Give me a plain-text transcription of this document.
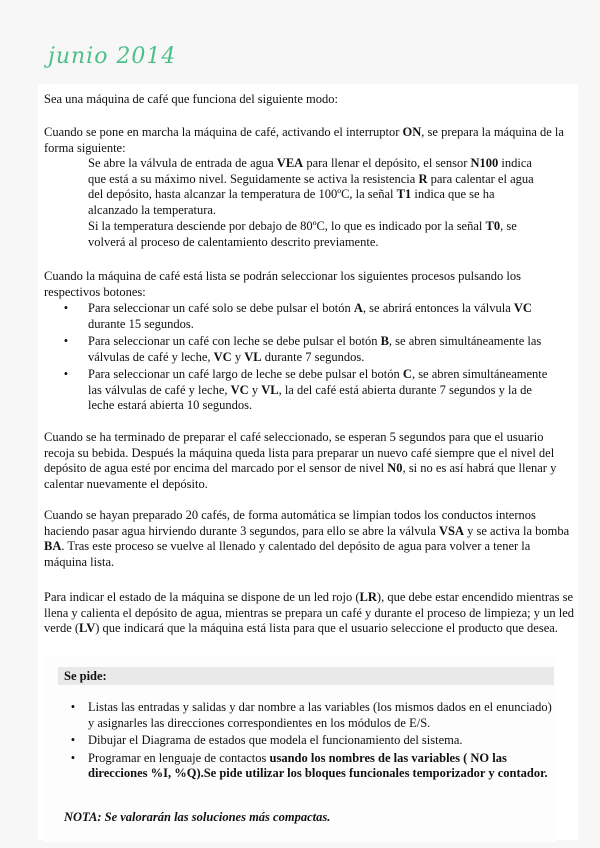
junio 2014
Sea una máquina de café que funciona del siguiente modo:
Cuando se pone en marcha la máquina de café, activando el interruptor ON, se prepara la máquina de la forma siguiente:
Se abre la válvula de entrada de agua VEA para llenar el depósito, el sensor N100 indica que está a su máximo nivel. Seguidamente se activa la resistencia R para calentar el agua del depósito, hasta alcanzar la temperatura de 100ºC, la señal T1 indica que se ha alcanzado la temperatura.
Si la temperatura desciende por debajo de 80ºC, lo que es indicado por la señal T0, se volverá al proceso de calentamiento descrito previamente.
Cuando la máquina de café está lista se podrán seleccionar los siguientes procesos pulsando los respectivos botones:
•	Para seleccionar un café solo se debe pulsar el botón A, se abrirá entonces la válvula VC durante 15 segundos.
•	Para seleccionar un café con leche se debe pulsar el botón B, se abren simultáneamente las válvulas de café y leche, VC y VL durante 7 segundos.
•	Para seleccionar un café largo de leche se debe pulsar el botón C, se abren simultáneamente las válvulas de café y leche, VC y VL, la del café está abierta durante 7 segundos y la de leche estará abierta 10 segundos.
Cuando se ha terminado de preparar el café seleccionado, se esperan 5 segundos para que el usuario recoja su bebida. Después la máquina queda lista para preparar un nuevo café siempre que el nivel del depósito de agua esté por encima del marcado por el sensor de nivel N0, si no es así habrá que llenar y calentar nuevamente el depósito.
Cuando se hayan preparado 20 cafés, de forma automática se limpian todos los conductos internos haciendo pasar agua hirviendo durante 3 segundos, para ello se abre la válvula VSA y se activa la bomba BA. Tras este proceso se vuelve al llenado y calentado del depósito de agua para volver a tener la máquina lista.
Para indicar el estado de la máquina se dispone de un led rojo (LR), que debe estar encendido mientras se llena y calienta el depósito de agua, mientras se prepara un café y durante el proceso de limpieza; y un led verde (LV) que indicará que la máquina está lista para que el usuario seleccione el producto que desea.
Se pide:
•	Listas las entradas y salidas y dar nombre a las variables (los mismos dados en el enunciado) y asignarles las direcciones correspondientes en los módulos de E/S.
•	Dibujar el Diagrama de estados que modela el funcionamiento del sistema.
•	Programar en lenguaje de contactos usando los nombres de las variables ( NO las direcciones %I, %Q).Se pide utilizar los bloques funcionales temporizador y contador.
NOTA: Se valorarán las soluciones más compactas.
